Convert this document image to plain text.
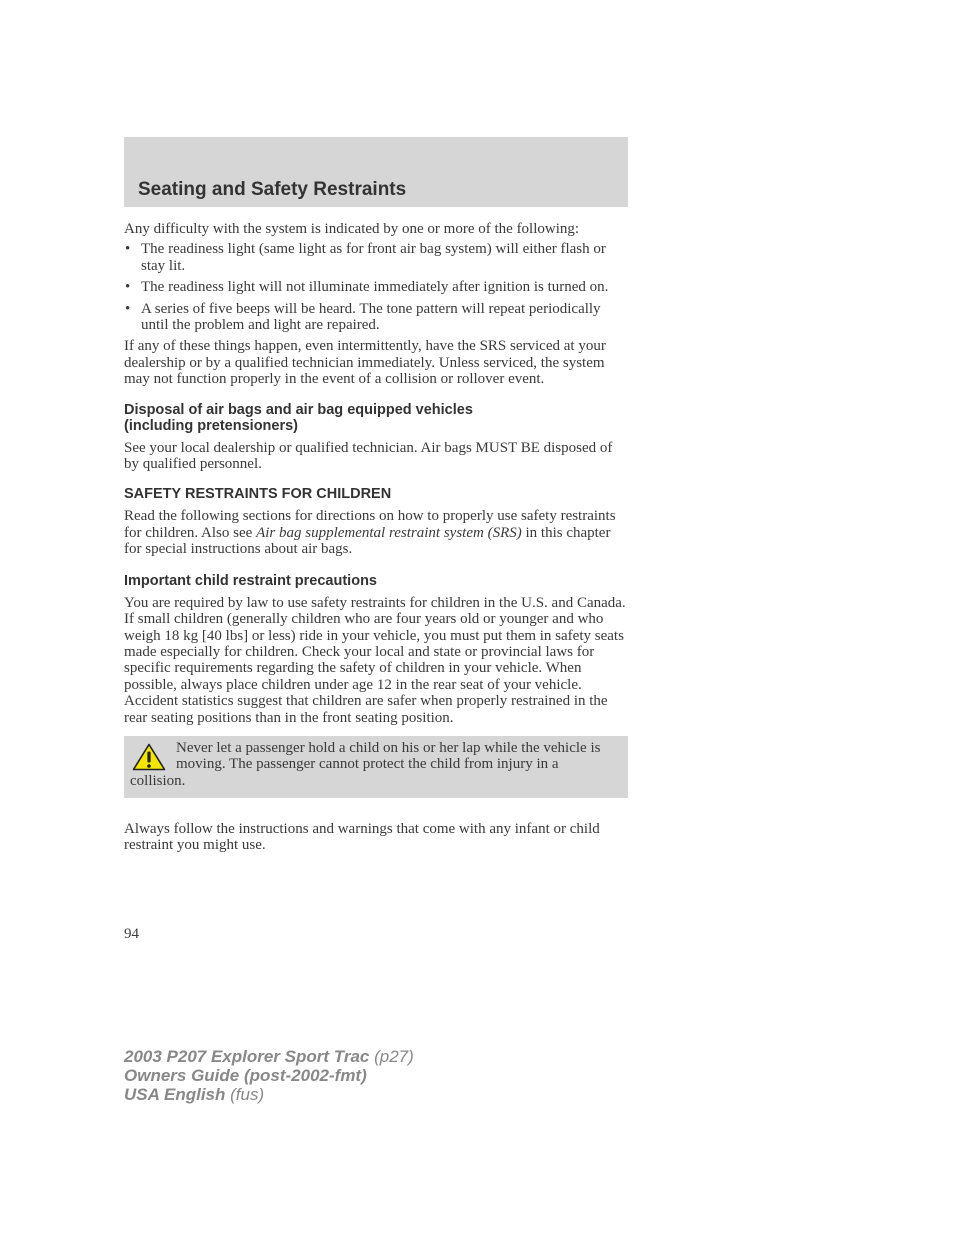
Seating and Safety Restraints

Any difficulty with the system is indicated by one or more of the following:

• The readiness light (same light as for front air bag system) will either flash or stay lit.
• The readiness light will not illuminate immediately after ignition is turned on.
• A series of five beeps will be heard. The tone pattern will repeat periodically until the problem and light are repaired.

If any of these things happen, even intermittently, have the SRS serviced at your dealership or by a qualified technician immediately. Unless serviced, the system may not function properly in the event of a collision or rollover event.

Disposal of air bags and air bag equipped vehicles
(including pretensioners)

See your local dealership or qualified technician. Air bags MUST BE disposed of by qualified personnel.

SAFETY RESTRAINTS FOR CHILDREN

Read the following sections for directions on how to properly use safety restraints for children. Also see Air bag supplemental restraint system (SRS) in this chapter for special instructions about air bags.

Important child restraint precautions

You are required by law to use safety restraints for children in the U.S. and Canada. If small children (generally children who are four years old or younger and who weigh 18 kg [40 lbs] or less) ride in your vehicle, you must put them in safety seats made especially for children. Check your local and state or provincial laws for specific requirements regarding the safety of children in your vehicle. When possible, always place children under age 12 in the rear seat of your vehicle. Accident statistics suggest that children are safer when properly restrained in the rear seating positions than in the front seating position.

Never let a passenger hold a child on his or her lap while the vehicle is moving. The passenger cannot protect the child from injury in a collision.

Always follow the instructions and warnings that come with any infant or child restraint you might use.

94
2003 P207 Explorer Sport Trac (p27)
Owners Guide (post-2002-fmt)
USA English (fus)
